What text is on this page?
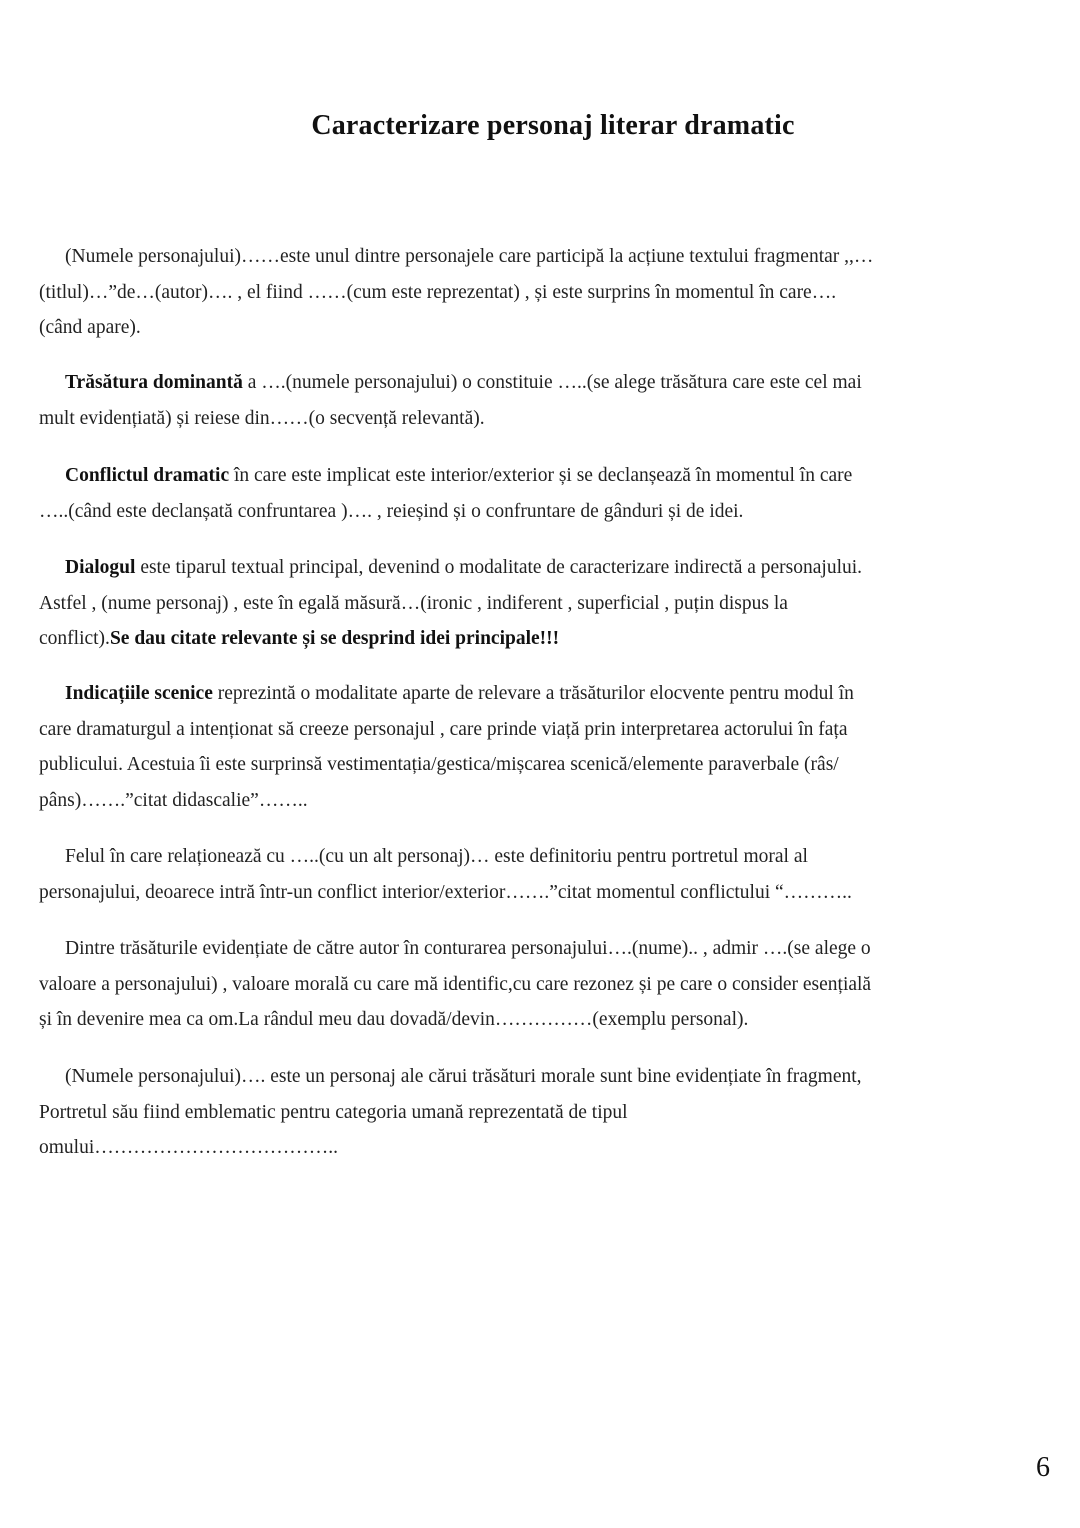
Caracterizare personaj literar dramatic
(Numele personajului)……este unul dintre personajele care participă la acțiune textului fragmentar ,,…
(titlul)…”de…(autor)…. , el fiind ……(cum este reprezentat) , și este surprins în momentul în care….
(când apare).
Trăsătura dominantă a ….(numele personajului) o constituie …..(se alege trăsătura care este cel mai
mult evidențiată) și reiese din……(o secvență relevantă).
Conflictul dramatic în care este implicat este interior/exterior și se declanșează în momentul în care
…..(când este declanșată confruntarea )…. , reieșind și o confruntare de gânduri și de idei.
Dialogul este tiparul textual principal, devenind o modalitate de caracterizare indirectă a personajului.
Astfel , (nume personaj) , este în egală măsură…(ironic , indiferent , superficial , puțin dispus la
conflict).Se dau citate relevante și se desprind idei principale!!!
Indicațiile scenice reprezintă o modalitate aparte de relevare a trăsăturilor elocvente pentru modul în
care dramaturgul a intenționat să creeze personajul , care prinde viață prin interpretarea actorului în fața
publicului. Acestuia îi este surprinsă vestimentația/gestica/mișcarea scenică/elemente paraverbale (râs/
pâns)…….”citat didascalie”……..
Felul în care relaționează cu …..(cu un alt personaj)… este definitoriu pentru portretul moral al
personajului, deoarece intră într-un conflict interior/exterior…….”citat momentul conflictului “………..
Dintre trăsăturile evidențiate de către autor în conturarea personajului….(nume).. , admir ….(se alege o
valoare a personajului) , valoare morală cu care mă identific,cu care rezonez și pe care o consider esențială
și în devenire mea ca om.La rândul meu dau dovadă/devin……………(exemplu personal).
(Numele personajului)…. este un personaj ale cărui trăsături morale sunt bine evidențiate în fragment,
Portretul său fiind emblematic pentru categoria umană reprezentată de tipul
omului………………………………..
6
